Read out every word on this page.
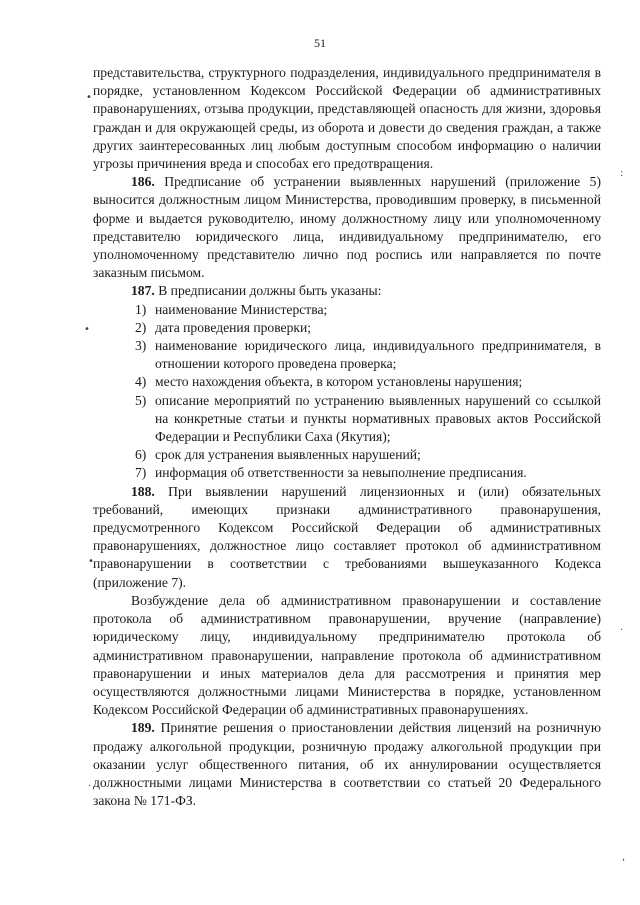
51

представительства, структурного подразделения, индивидуального предпринимателя в порядке, установленном Кодексом Российской Федерации об административных правонарушениях, отзыва продукции, представляющей опасность для жизни, здоровья граждан и для окружающей среды, из оборота и довести до сведения граждан, а также других заинтересованных лиц любым доступным способом информацию о наличии угрозы причинения вреда и способах его предотвращения.

186. Предписание об устранении выявленных нарушений (приложение 5) выносится должностным лицом Министерства, проводившим проверку, в письменной форме и выдается руководителю, иному должностному лицу или уполномоченному представителю юридического лица, индивидуальному предпринимателю, его уполномоченному представителю лично под роспись или направляется по почте заказным письмом.

187. В предписании должны быть указаны:

1) наименование Министерства;
2) дата проведения проверки;
3) наименование юридического лица, индивидуального предпринимателя, в отношении которого проведена проверка;
4) место нахождения объекта, в котором установлены нарушения;
5) описание мероприятий по устранению выявленных нарушений со ссылкой на конкретные статьи и пункты нормативных правовых актов Российской Федерации и Республики Саха (Якутия);
6) срок для устранения выявленных нарушений;
7) информация об ответственности за невыполнение предписания.

188. При выявлении нарушений лицензионных и (или) обязательных требований, имеющих признаки административного правонарушения, предусмотренного Кодексом Российской Федерации об административных правонарушениях, должностное лицо составляет протокол об административном правонарушении в соответствии с требованиями вышеуказанного Кодекса (приложение 7).

Возбуждение дела об административном правонарушении и составление протокола об административном правонарушении, вручение (направление) юридическому лицу, индивидуальному предпринимателю протокола об административном правонарушении, направление протокола об административном правонарушении и иных материалов дела для рассмотрения и принятия мер осуществляются должностными лицами Министерства в порядке, установленном Кодексом Российской Федерации об административных правонарушениях.

189. Принятие решения о приостановлении действия лицензий на розничную продажу алкогольной продукции, розничную продажу алкогольной продукции при оказании услуг общественного питания, об их аннулировании осуществляется должностными лицами Министерства в соответствии со статьей 20 Федерального закона № 171-ФЗ.

•
•
•
.
:
.
,
